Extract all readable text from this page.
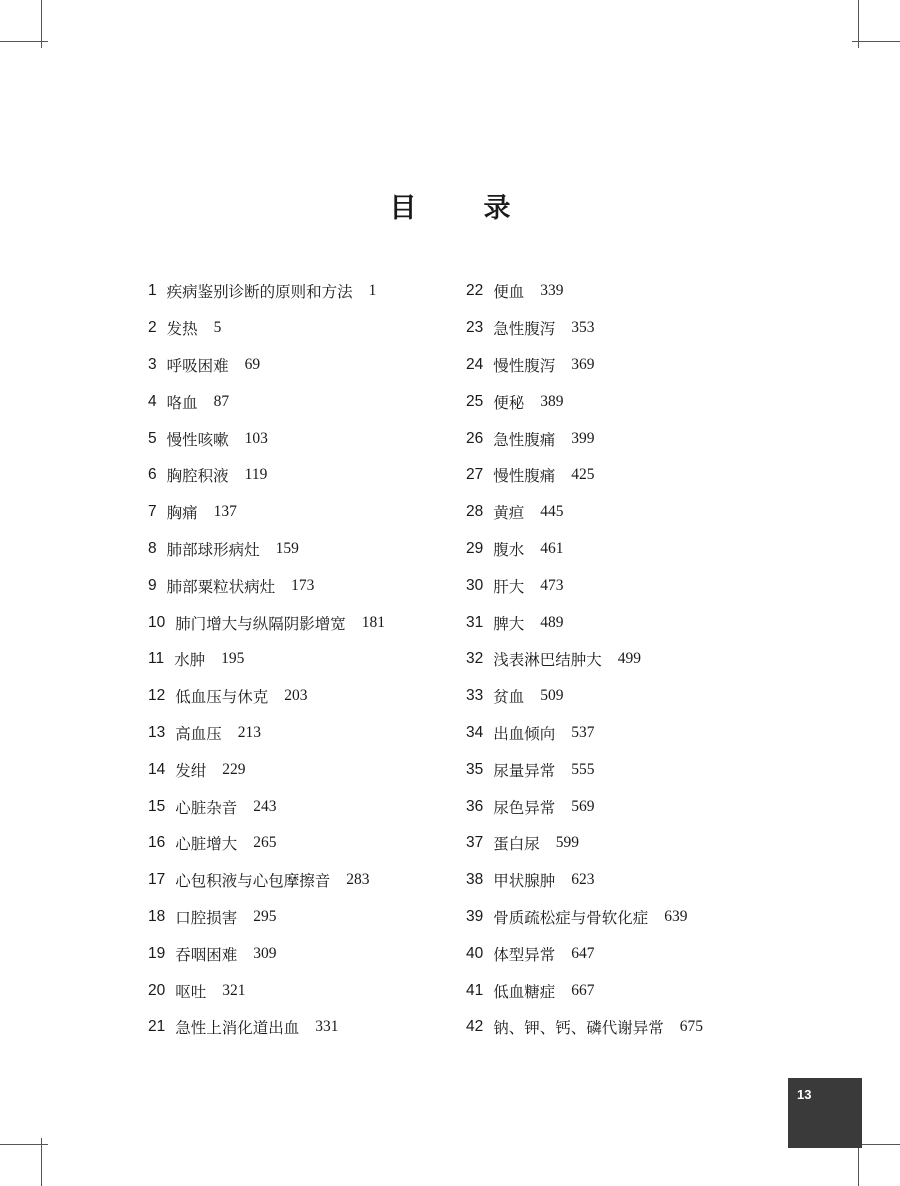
目　录
1 疾病鉴别诊断的原则和方法 1
2 发热 5
3 呼吸困难 69
4 咯血 87
5 慢性咳嗽 103
6 胸腔积液 119
7 胸痛 137
8 肺部球形病灶 159
9 肺部粟粒状病灶 173
10 肺门增大与纵隔阴影增宽 181
11 水肿 195
12 低血压与休克 203
13 高血压 213
14 发绀 229
15 心脏杂音 243
16 心脏增大 265
17 心包积液与心包摩擦音 283
18 口腔损害 295
19 吞咽困难 309
20 呕吐 321
21 急性上消化道出血 331
22 便血 339
23 急性腹泻 353
24 慢性腹泻 369
25 便秘 389
26 急性腹痛 399
27 慢性腹痛 425
28 黄疸 445
29 腹水 461
30 肝大 473
31 脾大 489
32 浅表淋巴结肿大 499
33 贫血 509
34 出血倾向 537
35 尿量异常 555
36 尿色异常 569
37 蛋白尿 599
38 甲状腺肿 623
39 骨质疏松症与骨软化症 639
40 体型异常 647
41 低血糖症 667
42 钠、钾、钙、磷代谢异常 675
13
